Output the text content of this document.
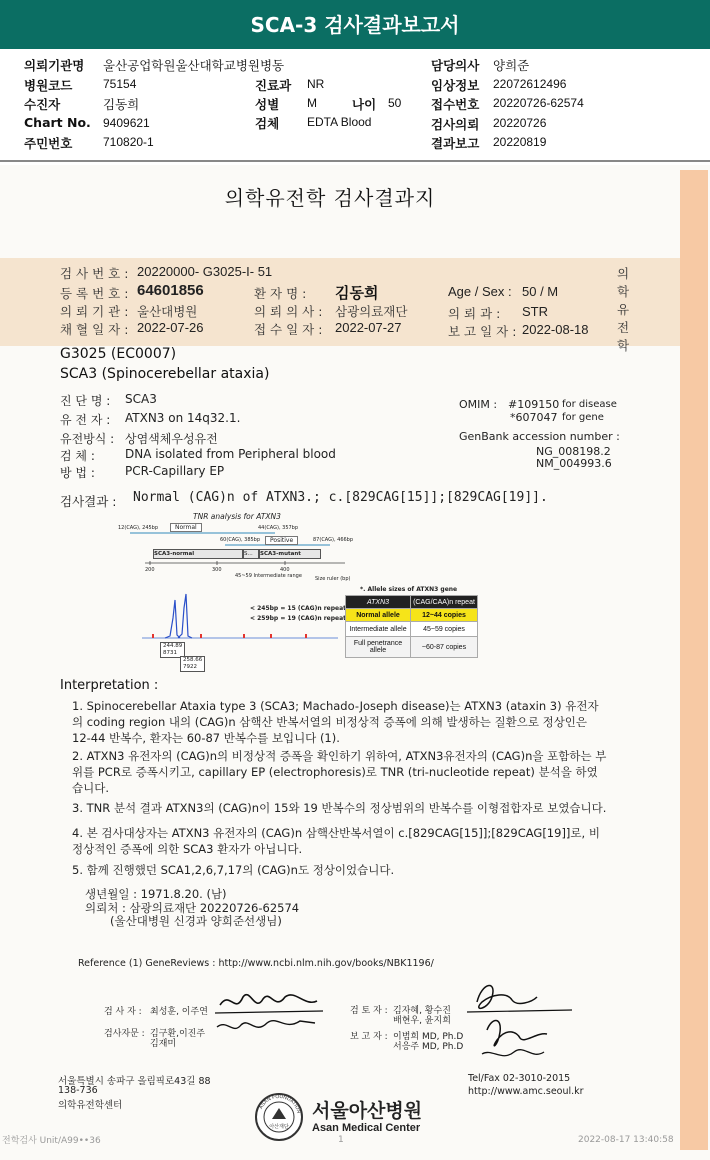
SCA-3 검사결과보고서
의뢰기관명 울산공업학원울산대학교병원병동	담당의사 양희준
병원코드	75154	진료과 NR	임상정보 22072612496
수진자	김동희	성별 M	나이 50 접수번호 20220726-62574
Chart No. 9409621	검체 EDTA Blood	검사의뢰 20220726
주민번호	710820-1	결과보고 20220819
의학유전학 검사결과지
의학유전학
검 사 번 호 : 20220000- G3025-I- 51
등 록 번 호 : 64601856	환 자 명 : 김동희	Age / Sex : 50 / M
의 뢰 기 관 : 울산대병원	의 뢰 의 사 : 삼광의료재단	의 뢰 과 : STR
채 혈 일 자 : 2022-07-26	접 수 일 자 : 2022-07-27	보 고 일 자 : 2022-08-18
G3025 (EC0007)
SCA3 (Spinocerebellar ataxia)
진 단 명 : SCA3
유 전 자 : ATXN3 on 14q32.1.
유전방식 : 상염색체우성유전
검 체 :	DNA isolated from Peripheral blood
방 법 :	PCR-Capillary EP
OMIM : #109150 for disease
*607047 for gene
GenBank accession number :
NG_008198.2
NM_004993.6
검사결과 : Normal (CAG)n of ATXN3.; c.[829CAG[15]];[829CAG[19]].
TNR analysis for ATXN3
12(CAG), 245bp	Normal	44(CAG), 357bp
60(CAG), 385bp	Positive	87(CAG), 466bp
SCA3-normal	S...	SCA3-mutant
200	300	400
45~59 Intermediate range	Size ruler (bp)
244.89
8731
258.66
7922
< 245bp = 15 (CAG)n repeats >
< 259bp = 19 (CAG)n repeats >
*. Allele sizes of ATXN3 gene
ATXN3	(CAG/CAA)n repeat
Normal allele	12~44 copies
Intermediate allele	45~59 copies
Full penetrance allele	~60-87 copies
Interpretation :
1. Spinocerebellar Ataxia type 3 (SCA3; Machado-Joseph disease)는 ATXN3 (ataxin 3) 유전자의 coding region 내의 (CAG)n 삼핵산 반복서열의 비정상적 증폭에 의해 발생하는 질환으로 정상인은 12-44 반복수, 환자는 60-87 반복수를 보입니다 (1).
2. ATXN3 유전자의 (CAG)n의 비정상적 증폭을 확인하기 위하여, ATXN3유전자의 (CAG)n을 포함하는 부위를 PCR로 증폭시키고, capillary EP (electrophoresis)로 TNR (tri-nucleotide repeat) 분석을 하였습니다.
3. TNR 분석 결과 ATXN3의 (CAG)n이 15와 19 반복수의 정상범위의 반복수를 이형접합자로 보였습니다.
4. 본 검사대상자는 ATXN3 유전자의 (CAG)n 삼핵산반복서열이 c.[829CAG[15]];[829CAG[19]]로, 비정상적인 증폭에 의한 SCA3 환자가 아닙니다.
5. 함께 진행했던 SCA1,2,6,7,17의 (CAG)n도 정상이었습니다.
생년월일 : 1971.8.20. (남)
의뢰처 : 삼광의료재단 20220726-62574
(울산대병원 신경과 양희준선생님)
Reference (1) GeneReviews : http://www.ncbi.nlm.nih.gov/books/NBK1196/
검 사 자 : 최성훈, 이주연
검사자문 : 김구환,이진주
김재미
검 토 자 : 김자혜, 황수진
배현우, 윤지희
보 고 자 : 이범희 MD, Ph.D
서응주 MD, Ph.D
서울특별시 송파구 올림픽로43길 88
138-736
의학유전학센터	ASAN FOUNDATION
아산재단
서울아산병원
Asan Medical Center
Tel/Fax 02-3010-2015
http://www.amc.seoul.kr
전학검사 Unit/A99••36	1	2022-08-17 13:40:58
